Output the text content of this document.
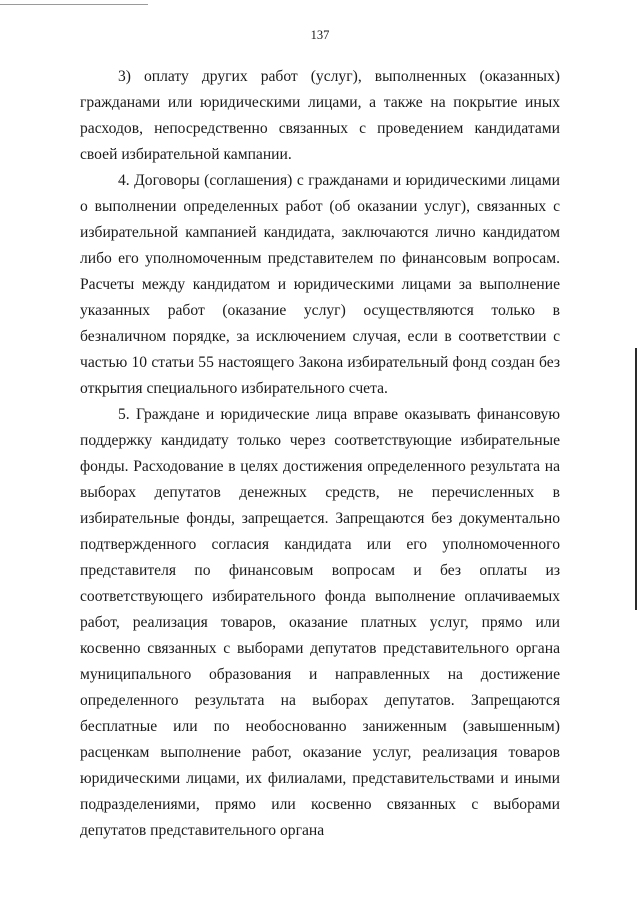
137

3) оплату других работ (услуг), выполненных (оказанных) гражданами или юридическими лицами, а также на покрытие иных расходов, непосредственно связанных с проведением кандидатами своей избирательной кампании.

4. Договоры (соглашения) с гражданами и юридическими лицами о выполнении определенных работ (об оказании услуг), связанных с избирательной кампанией кандидата, заключаются лично кандидатом либо его уполномоченным представителем по финансовым вопросам. Расчеты между кандидатом и юридическими лицами за выполнение указанных работ (оказание услуг) осуществляются только в безналичном порядке, за исключением случая, если в соответствии с частью 10 статьи 55 настоящего Закона избирательный фонд создан без открытия специального избирательного счета.

5. Граждане и юридические лица вправе оказывать финансовую поддержку кандидату только через соответствующие избирательные фонды. Расходование в целях достижения определенного результата на выборах депутатов денежных средств, не перечисленных в избирательные фонды, запрещается. Запрещаются без документально подтвержденного согласия кандидата или его уполномоченного представителя по финансовым вопросам и без оплаты из соответствующего избирательного фонда выполнение оплачиваемых работ, реализация товаров, оказание платных услуг, прямо или косвенно связанных с выборами депутатов представительного органа муниципального образования и направленных на достижение определенного результата на выборах депутатов. Запрещаются бесплатные или по необоснованно заниженным (завышенным) расценкам выполнение работ, оказание услуг, реализация товаров юридическими лицами, их филиалами, представительствами и иными подразделениями, прямо или косвенно связанных с выборами депутатов представительного органа
